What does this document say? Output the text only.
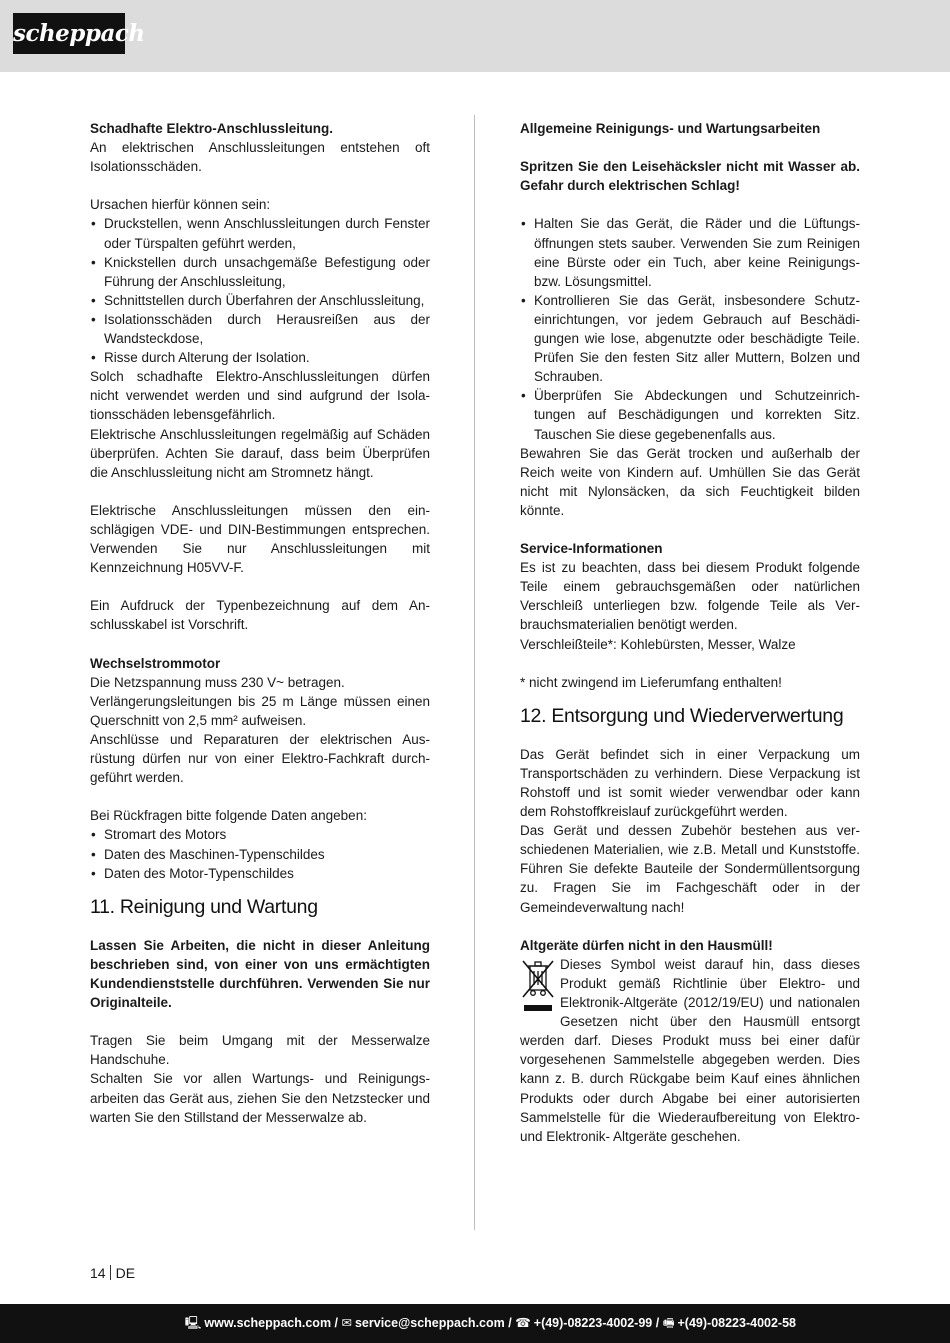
scheppach

Schadhafte Elektro-Anschlussleitung.

An elektrischen Anschlussleitungen entstehen oft Isolationsschäden.

Ursachen hierfür können sein:

• Druckstellen, wenn Anschlussleitungen durch Fenster oder Türspalten geführt werden,
• Knickstellen durch unsachgemäße Befestigung oder Führung der Anschlussleitung,
• Schnittstellen durch Überfahren der Anschlussleitung,
• Isolationsschäden durch Herausreißen aus der Wandsteckdose,
• Risse durch Alterung der Isolation.

Solch schadhafte Elektro-Anschlussleitungen dürfen nicht verwendet werden und sind aufgrund der Isolationsschäden lebensgefährlich.

Elektrische Anschlussleitungen regelmäßig auf Schäden überprüfen. Achten Sie darauf, dass beim Überprüfen die Anschlussleitung nicht am Stromnetz hängt.

Elektrische Anschlussleitungen müssen den einschlägigen VDE- und DIN-Bestimmungen entsprechen. Verwenden Sie nur Anschlussleitungen mit Kennzeichnung H05VV-F.

Ein Aufdruck der Typenbezeichnung auf dem Anschlusskabel ist Vorschrift.

Wechselstrommotor

Die Netzspannung muss 230 V~ betragen.

Verlängerungsleitungen bis 25 m Länge müssen einen Querschnitt von 2,5 mm² aufweisen.

Anschlüsse und Reparaturen der elektrischen Ausrüstung dürfen nur von einer Elektro-Fachkraft durchgeführt werden.

Bei Rückfragen bitte folgende Daten angeben:

• Stromart des Motors
• Daten des Maschinen-Typenschildes
• Daten des Motor-Typenschildes
11. Reinigung und Wartung

Lassen Sie Arbeiten, die nicht in dieser Anleitung beschrieben sind, von einer von uns ermächtigten Kundendienststelle durchführen. Verwenden Sie nur Originalteile.

Tragen Sie beim Umgang mit der Messerwalze Handschuhe.

Schalten Sie vor allen Wartungs- und Reinigungsarbeiten das Gerät aus, ziehen Sie den Netzstecker und warten Sie den Stillstand der Messerwalze ab.

Allgemeine Reinigungs- und Wartungsarbeiten

Spritzen Sie den Leisehäcksler nicht mit Wasser ab. Gefahr durch elektrischen Schlag!

• Halten Sie das Gerät, die Räder und die Lüftungsöffnungen stets sauber. Verwenden Sie zum Reinigen eine Bürste oder ein Tuch, aber keine Reinigungs- bzw. Lösungsmittel.
• Kontrollieren Sie das Gerät, insbesondere Schutzeinrichtungen, vor jedem Gebrauch auf Beschädigungen wie lose, abgenutzte oder beschädigte Teile. Prüfen Sie den festen Sitz aller Muttern, Bolzen und Schrauben.
• Überprüfen Sie Abdeckungen und Schutzeinrichtungen auf Beschädigungen und korrekten Sitz. Tauschen Sie diese gegebenenfalls aus.

Bewahren Sie das Gerät trocken und außerhalb der Reich weite von Kindern auf. Umhüllen Sie das Gerät nicht mit Nylonsäcken, da sich Feuchtigkeit bilden könnte.

Service-Informationen

Es ist zu beachten, dass bei diesem Produkt folgende Teile einem gebrauchsgemäßen oder natürlichen Verschleiß unterliegen bzw. folgende Teile als Verbrauchsmaterialien benötigt werden.

Verschleißteile*: Kohlebürsten, Messer, Walze

* nicht zwingend im Lieferumfang enthalten!

12. Entsorgung und Wiederverwertung

Das Gerät befindet sich in einer Verpackung um Transportschäden zu verhindern. Diese Verpackung ist Rohstoff und ist somit wieder verwendbar oder kann dem Rohstoffkreislauf zurückgeführt werden.

Das Gerät und dessen Zubehör bestehen aus verschiedenen Materialien, wie z.B. Metall und Kunststoffe. Führen Sie defekte Bauteile der Sondermüllentsorgung zu. Fragen Sie im Fachgeschäft oder in der Gemeindeverwaltung nach!

Altgeräte dürfen nicht in den Hausmüll!

Dieses Symbol weist darauf hin, dass dieses Produkt gemäß Richtlinie über Elektro- und Elektronik-Altgeräte (2012/19/EU) und nationalen Gesetzen nicht über den Hausmüll entsorgt werden darf. Dieses Produkt muss bei einer dafür vorgesehenen Sammelstelle abgegeben werden. Dies kann z. B. durch Rückgabe beim Kauf eines ähnlichen Produkts oder durch Abgabe bei einer autorisierten Sammelstelle für die Wiederaufbereitung von Elektro- und Elektronik- Altgeräte geschehen.

14 DE
🖳︎ www.scheppach.com / ✉︎ service@scheppach.com / ☎︎ +(49)-08223-4002-99 / 🖷︎ +(49)-08223-4002-58
